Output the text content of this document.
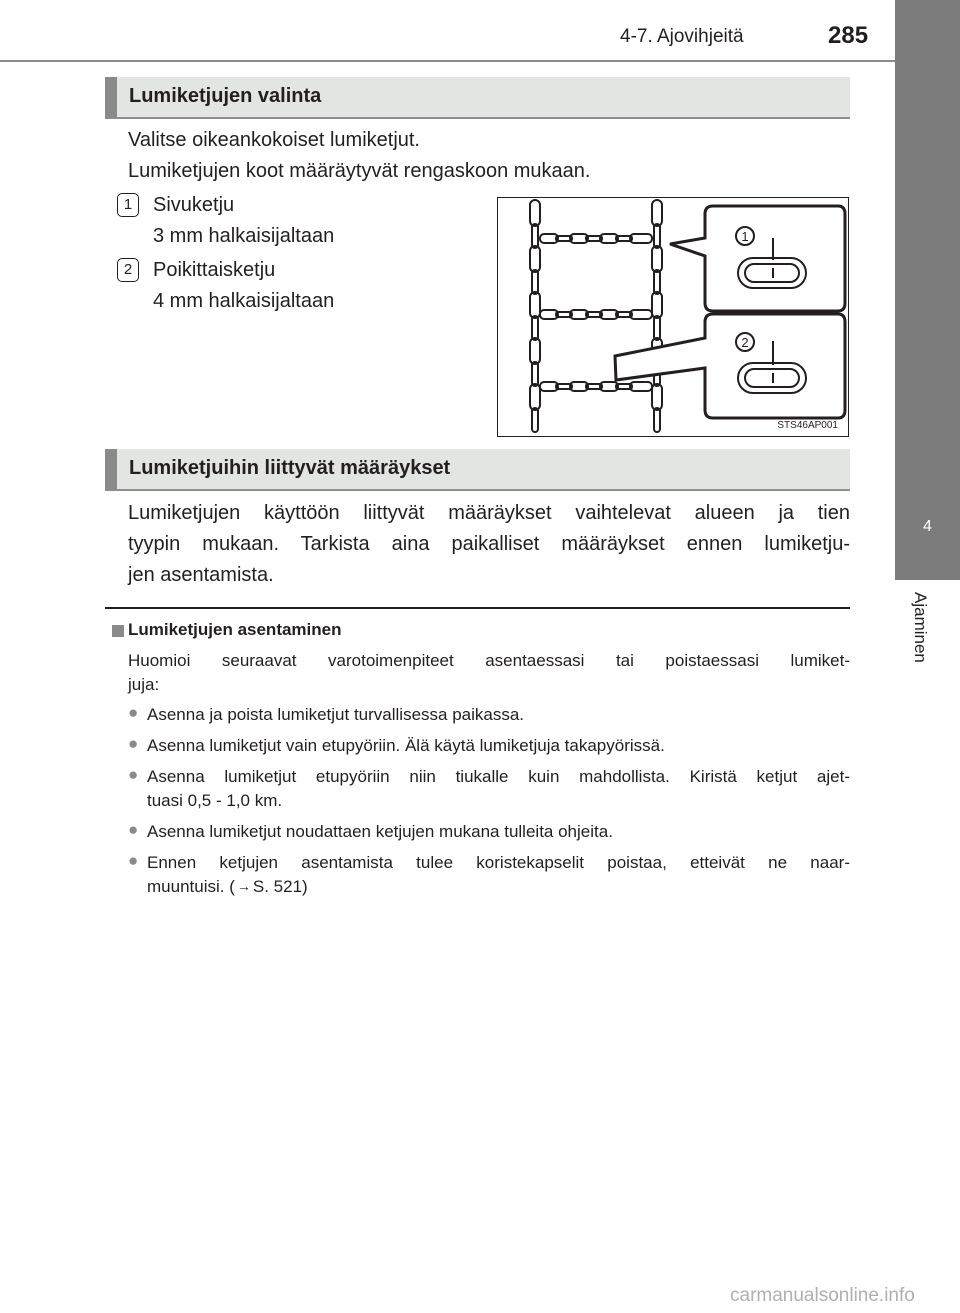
4-7. Ajovihjeitä	285
4
Ajaminen
Lumiketjujen valinta
Valitse oikeankokoiset lumiketjut.
Lumiketjujen koot määräytyvät rengaskoon mukaan.
1	Sivuketju
3 mm halkaisijaltaan
2	Poikittaisketju
4 mm halkaisijaltaan
1
2
STS46AP001
Lumiketjuihin liittyvät määräykset
Lumiketjujen käyttöön liittyvät määräykset vaihtelevat alueen ja tien
tyypin mukaan. Tarkista aina paikalliset määräykset ennen lumiketju-
jen asentamista.
Lumiketjujen asentaminen
Huomioi seuraavat varotoimenpiteet asentaessasi tai poistaessasi lumiket-
juja:
● Asenna ja poista lumiketjut turvallisessa paikassa.
● Asenna lumiketjut vain etupyöriin. Älä käytä lumiketjuja takapyörissä.
● Asenna lumiketjut etupyöriin niin tiukalle kuin mahdollista. Kiristä ketjut ajet-
tuasi 0,5 - 1,0 km.
● Asenna lumiketjut noudattaen ketjujen mukana tulleita ohjeita.
● Ennen ketjujen asentamista tulee koristekapselit poistaa, etteivät ne naar-
muuntuisi. ( → S. 521)
carmanualsonline.info
